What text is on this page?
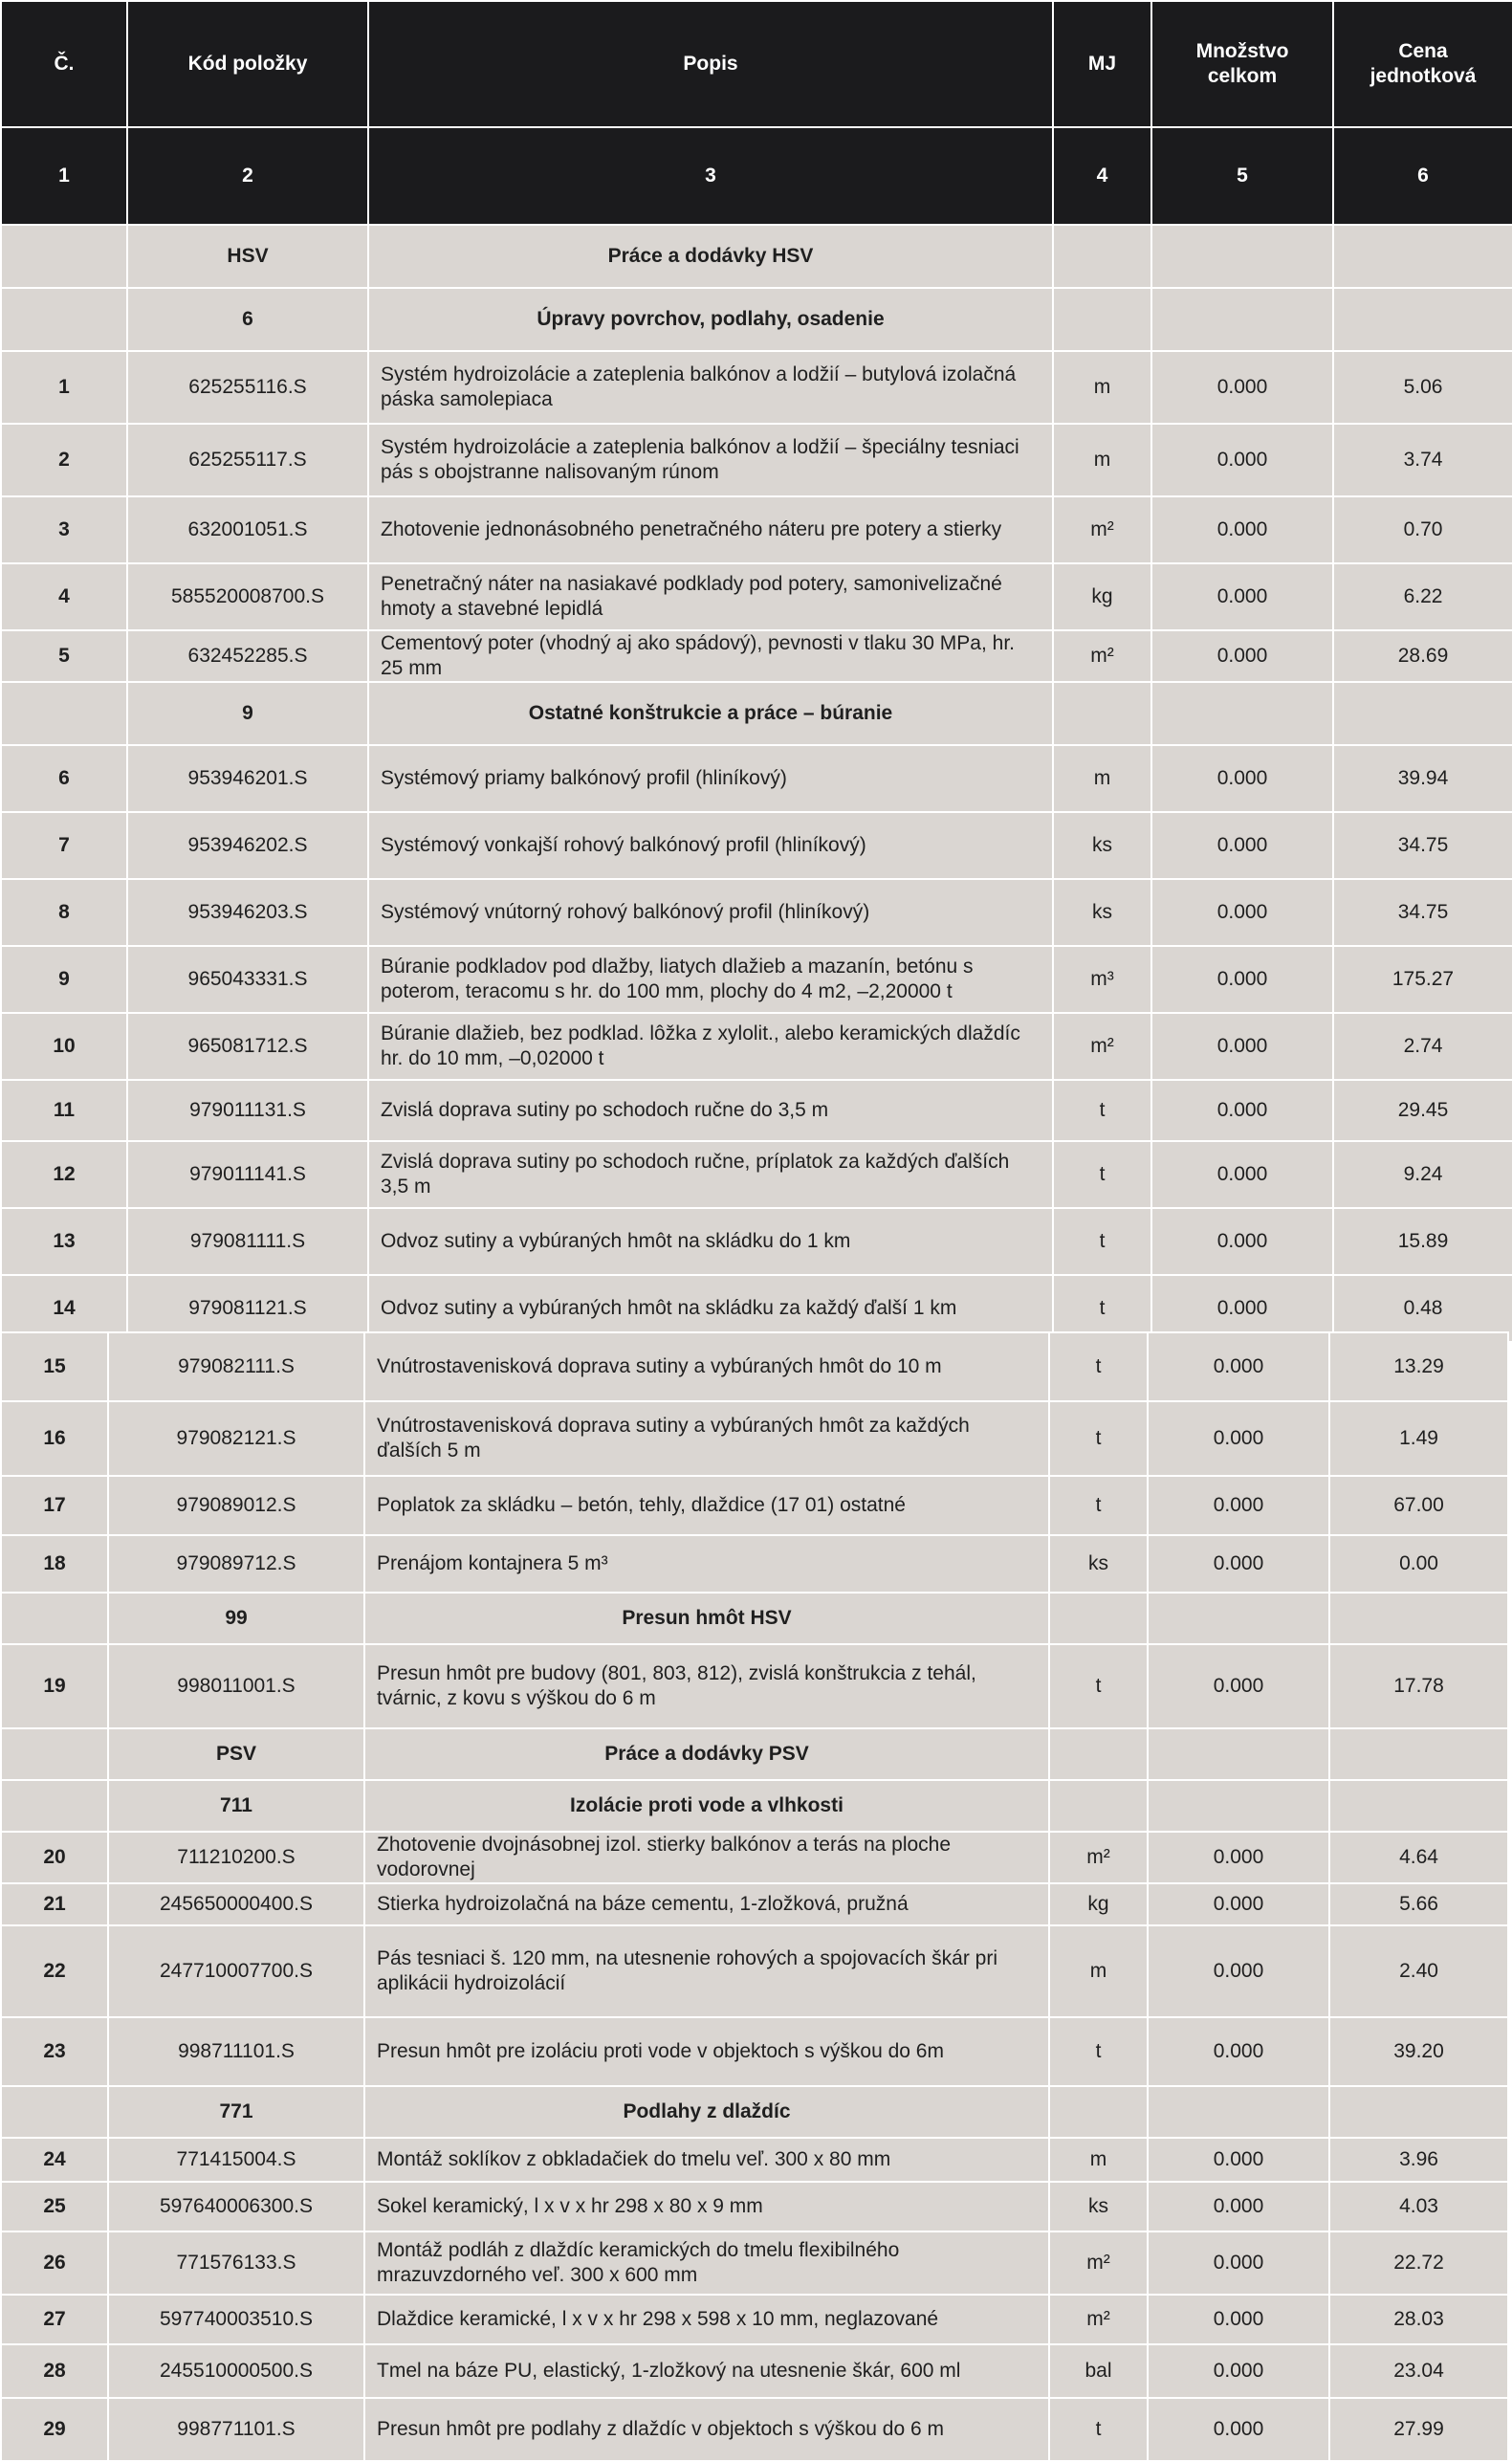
Č.	Kód položky	Popis	MJ	Množstvo celkom	Cena jednotková
1	2	3	4	5	6
	HSV	Práce a dodávky HSV			
	6	Úpravy povrchov, podlahy, osadenie			
1	625255116.S	Systém hydroizolácie a zateplenia balkónov a lodžií – butylová izolačná páska samolepiaca	m	0.000	5.06
2	625255117.S	Systém hydroizolácie a zateplenia balkónov a lodžií – špeciálny tesniaci pás s obojstranne nalisovaným rúnom	m	0.000	3.74
3	632001051.S	Zhotovenie jednonásobného penetračného náteru pre potery a stierky	m²	0.000	0.70
4	585520008700.S	Penetračný náter na nasiakavé podklady pod potery, samonivelizačné hmoty a stavebné lepidlá	kg	0.000	6.22
5	632452285.S	Cementový poter (vhodný aj ako spádový), pevnosti v tlaku 30 MPa, hr. 25 mm	m²	0.000	28.69
	9	Ostatné konštrukcie a práce – búranie			
6	953946201.S	Systémový priamy balkónový profil (hliníkový)	m	0.000	39.94
7	953946202.S	Systémový vonkajší rohový balkónový profil (hliníkový)	ks	0.000	34.75
8	953946203.S	Systémový vnútorný rohový balkónový profil (hliníkový)	ks	0.000	34.75
9	965043331.S	Búranie podkladov pod dlažby, liatych dlažieb a mazanín, betónu s poterom, teracomu s hr. do 100 mm, plochy do 4 m2, –2,20000 t	m³	0.000	175.27
10	965081712.S	Búranie dlažieb, bez podklad. lôžka z xylolit., alebo keramických dlaždíc hr. do 10 mm, –0,02000 t	m²	0.000	2.74
11	979011131.S	Zvislá doprava sutiny po schodoch ručne do 3,5 m	t	0.000	29.45
12	979011141.S	Zvislá doprava sutiny po schodoch ručne, príplatok za každých ďalších 3,5 m	t	0.000	9.24
13	979081111.S	Odvoz sutiny a vybúraných hmôt na skládku do 1 km	t	0.000	15.89
14	979081121.S	Odvoz sutiny a vybúraných hmôt na skládku za každý ďalší 1 km	t	0.000	0.48
15	979082111.S	Vnútrostavenisková doprava sutiny a vybúraných hmôt do 10 m	t	0.000	13.29
16	979082121.S	Vnútrostavenisková doprava sutiny a vybúraných hmôt za každých ďalších 5 m	t	0.000	1.49
17	979089012.S	Poplatok za skládku – betón, tehly, dlaždice (17 01) ostatné	t	0.000	67.00
18	979089712.S	Prenájom kontajnera 5 m³	ks	0.000	0.00
	99	Presun hmôt HSV			
19	998011001.S	Presun hmôt pre budovy (801, 803, 812), zvislá konštrukcia z tehál, tvárnic, z kovu s výškou do 6 m	t	0.000	17.78
	PSV	Práce a dodávky PSV			
	711	Izolácie proti vode a vlhkosti			
20	711210200.S	Zhotovenie dvojnásobnej izol. stierky balkónov a terás na ploche vodorovnej	m²	0.000	4.64
21	245650000400.S	Stierka hydroizolačná na báze cementu, 1-zložková, pružná	kg	0.000	5.66
22	247710007700.S	Pás tesniaci š. 120 mm, na utesnenie rohových a spojovacích škár pri aplikácii hydroizolácií	m	0.000	2.40
23	998711101.S	Presun hmôt pre izoláciu proti vode v objektoch s výškou do 6m	t	0.000	39.20
	771	Podlahy z dlaždíc			
24	771415004.S	Montáž soklíkov z obkladačiek do tmelu veľ. 300 x 80 mm	m	0.000	3.96
25	597640006300.S	Sokel keramický, l x v x hr 298 x 80 x 9 mm	ks	0.000	4.03
26	771576133.S	Montáž podláh z dlaždíc keramických do tmelu flexibilného mrazuvzdorného veľ. 300 x 600 mm	m²	0.000	22.72
27	597740003510.S	Dlaždice keramické, l x v x hr 298 x 598 x 10 mm, neglazované	m²	0.000	28.03
28	245510000500.S	Tmel na báze PU, elastický, 1-zložkový na utesnenie škár, 600 ml	bal	0.000	23.04
29	998771101.S	Presun hmôt pre podlahy z dlaždíc v objektoch s výškou do 6 m	t	0.000	27.99
